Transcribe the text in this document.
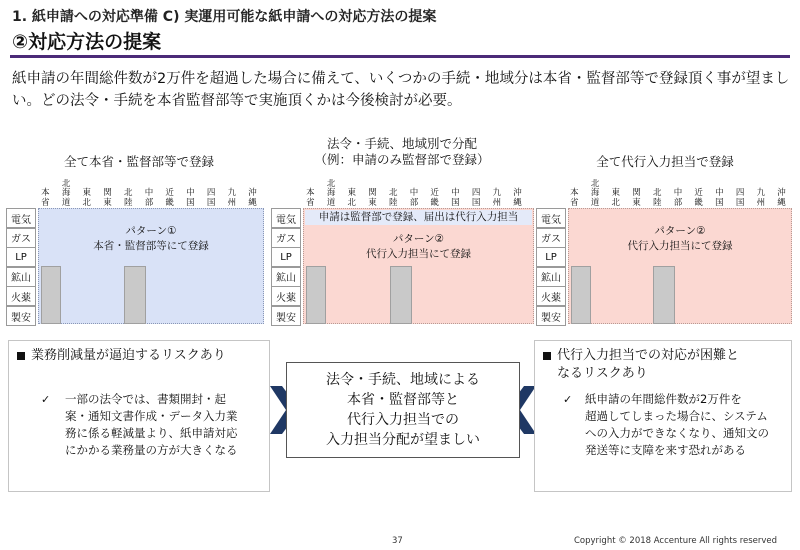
1. 紙申請への対応準備 C) 実運用可能な紙申請への対応方法の提案
②対応方法の提案
紙申請の年間総件数が2万件を超過した場合に備えて、いくつかの手続・地域分は本省・監督部等で登録頂く事が望ましい。どの法令・手続を本省監督部等で実施頂くかは今後検討が必要。
全て本省・監督部等で登録
法令・手続、地域別で分配
（例：申請のみ監督部で登録）	全て代行入力担当で登録
本
省
北
海
道
東
北
関
東
北
陸
中
部
近
畿
中
国
四
国
九
州
沖
縄
本
省
北
海
道
東
北
関
東
北
陸
中
部
近
畿
中
国
四
国
九
州
沖
縄
本
省
北
海
道
東
北
関
東
北
陸
中
部
近
畿
中
国
四
国
九
州
沖
縄
パターン①
本省・監督部等にて登録
電気
ガス
LP
鉱山
火薬
製安
申請は監督部で登録、届出は代行入力担当
パターン②
代行入力担当にて登録
電気
ガス
LP
鉱山
火薬
製安
パターン②
代行入力担当にて登録
電気
ガス
LP
鉱山
火薬
製安
業務削減量が逼迫するリスクあり
✓ 一部の法令では、書類開封・起
案・通知文書作成・データ入力業
務に係る軽減量より、紙申請対応
にかかる業務量の方が大きくなる
法令・手続、地域による
本省・監督部等と
代行入力担当での
入力担当分配が望ましい
代行入力担当での対応が困難と
なるリスクあり
✓ 紙申請の年間総件数が2万件を
超過してしまった場合に、システム
への入力ができなくなり、通知文の
発送等に支障を来す恐れがある
37	Copyright © 2018 Accenture All rights reserved
